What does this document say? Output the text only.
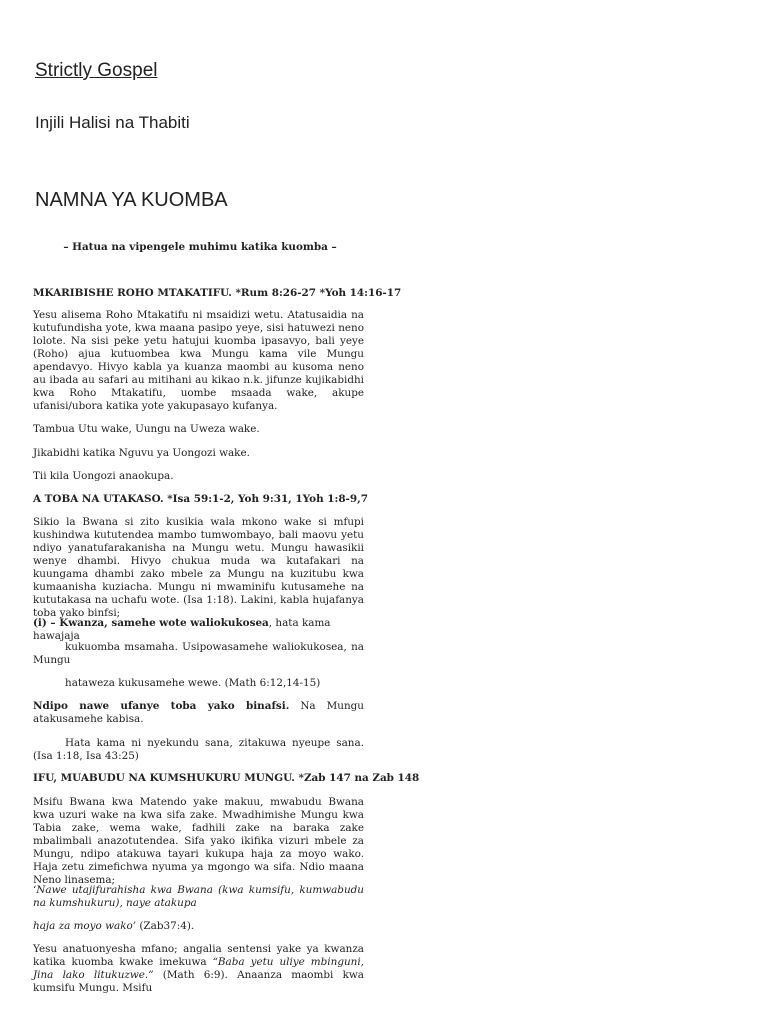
Strictly Gospel
Injili Halisi na Thabiti
NAMNA YA KUOMBA
– Hatua na vipengele muhimu katika kuomba –
MKARIBISHE ROHO MTAKATIFU. *Rum 8:26-27 *Yoh 14:16-17

Yesu alisema Roho Mtakatifu ni msaidizi wetu. Atatusaidia na kutufundisha yote, kwa maana pasipo yeye, sisi hatuwezi neno lolote. Na sisi peke yetu hatujui kuomba ipasavyo, bali yeye (Roho) ajua kutuombea kwa Mungu kama vile Mungu apendavyo. Hivyo kabla ya kuanza maombi au kusoma neno au ibada au safari au mitihani au kikao n.k. jifunze kujikabidhi kwa Roho Mtakatifu, uombe msaada wake, akupe ufanisi/ubora katika yote yakupasayo kufanya.

Tambua Utu wake, Uungu na Uweza wake.

Jikabidhi katika Nguvu ya Uongozi wake.

Tii kila Uongozi anaokupa.

A TOBA NA UTAKASO. *Isa 59:1-2, Yoh 9:31, 1Yoh 1:8-9,7

Sikio la Bwana si zito kusikia wala mkono wake si mfupi kushindwa kututendea mambo tumwombayo, bali maovu yetu ndiyo yanatufarakanisha na Mungu wetu. Mungu hawasikii wenye dhambi. Hivyo chukua muda wa kutafakari na kuungama dhambi zako mbele za Mungu na kuzitubu kwa kumaanisha kuziacha. Mungu ni mwaminifu kutusamehe na kututakasa na uchafu wote. (Isa 1:18). Lakini, kabla hujafanya toba yako binfsi;

(i) – Kwanza, samehe wote waliokukosea, hata kama hawajaja

kukuomba msamaha. Usipowasamehe waliokukosea, na Mungu

hataweza kukusamehe wewe. (Math 6:12,14-15)

Ndipo nawe ufanye toba yako binafsi. Na Mungu atakusamehe kabisa.

Hata kama ni nyekundu sana, zitakuwa nyeupe sana. (Isa 1:18, Isa 43:25)

IFU, MUABUDU NA KUMSHUKURU MUNGU. *Zab 147 na Zab 148

Msifu Bwana kwa Matendo yake makuu, mwabudu Bwana kwa uzuri wake na kwa sifa zake. Mwadhimishe Mungu kwa Tabia zake, wema wake, fadhili zake na baraka zake mbalimbali anazotutendea. Sifa yako ikifika vizuri mbele za Mungu, ndipo atakuwa tayari kukupa haja za moyo wako. Haja zetu zimefichwa nyuma ya mgongo wa sifa. Ndio maana Neno linasema;

‘Nawe utajifurahisha kwa Bwana (kwa kumsifu, kumwabudu na kumshukuru), naye atakupa

haja za moyo wako’ (Zab37:4).

Yesu anatuonyesha mfano; angalia sentensi yake ya kwanza katika kuomba kwake imekuwa “Baba yetu uliye mbinguni, Jina lako litukuzwe.” (Math 6:9). Anaanza maombi kwa kumsifu Mungu. Msifu
